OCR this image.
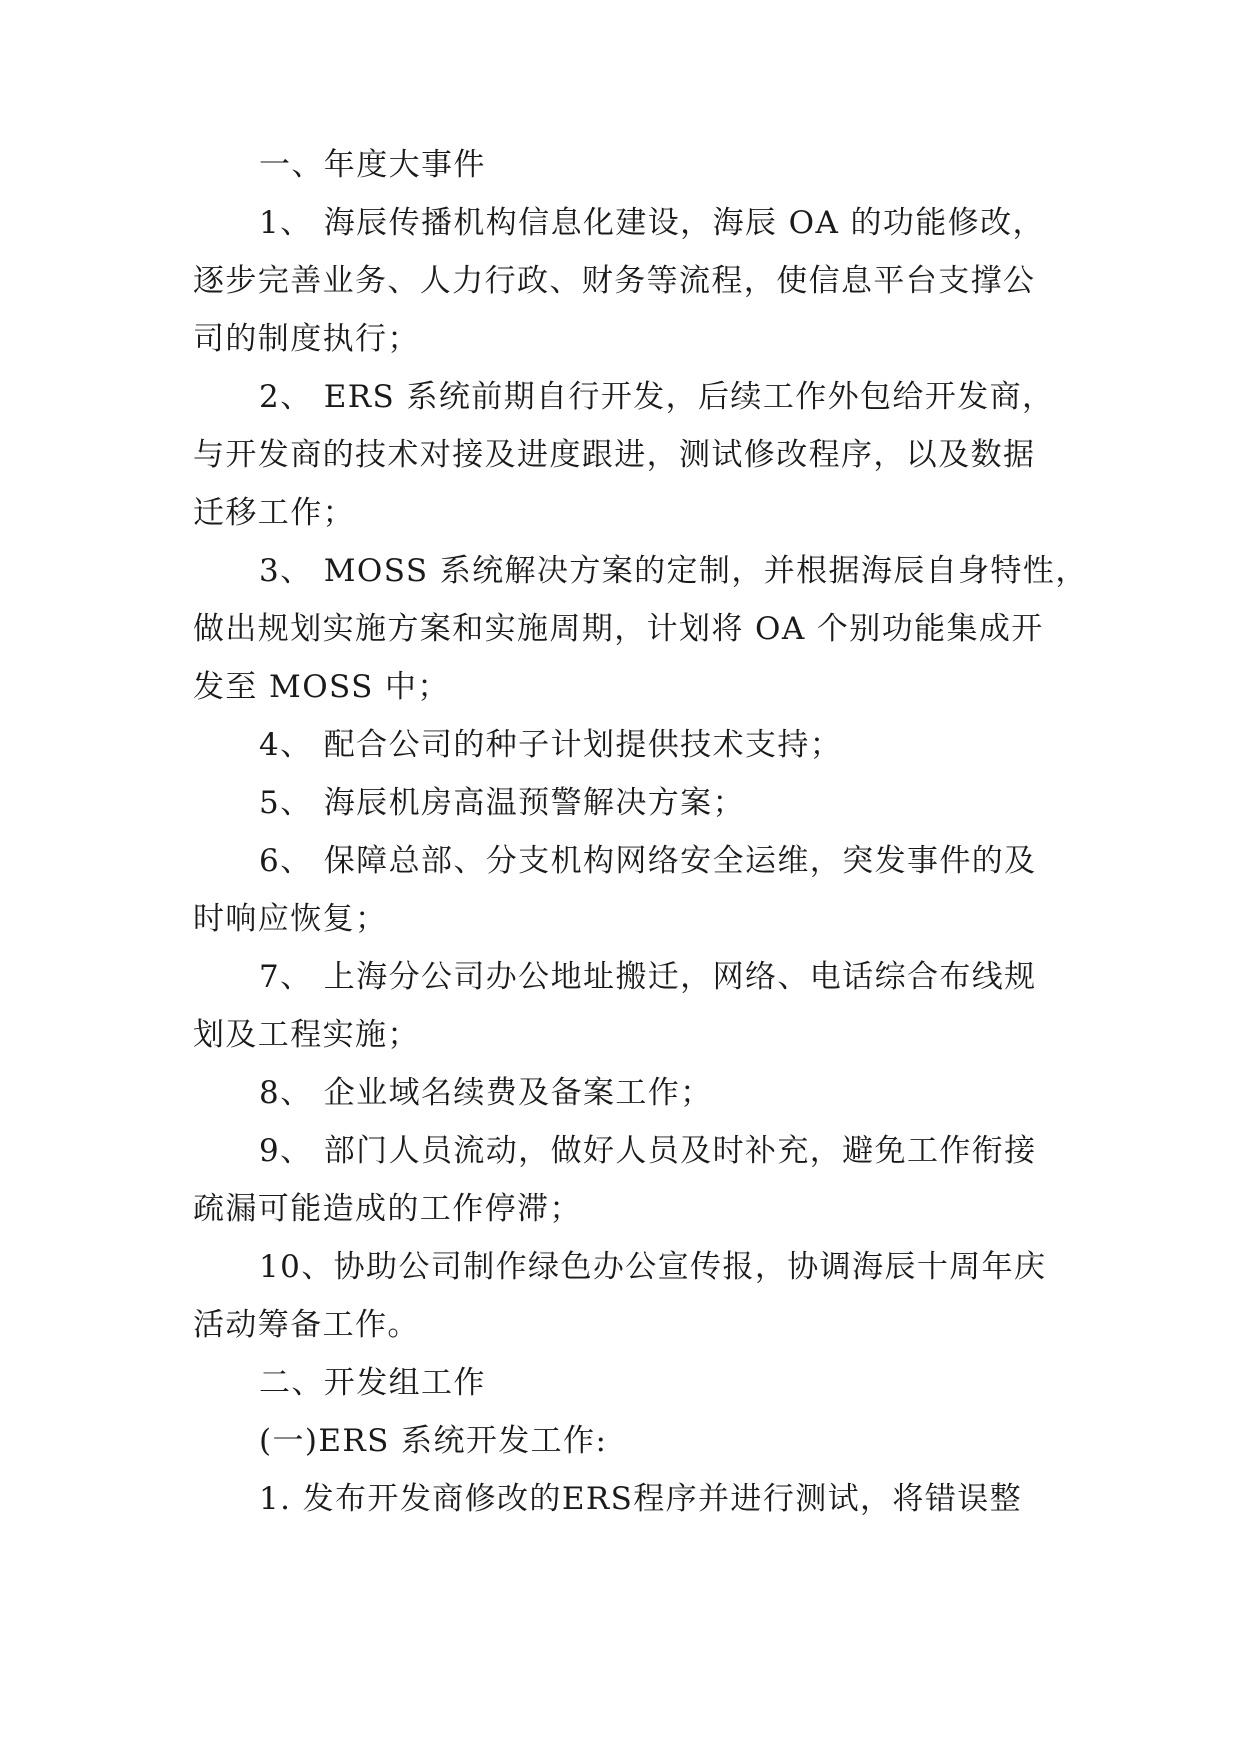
一、年度大事件
1、 海辰传播机构信息化建设，海辰 OA 的功能修改，
逐步完善业务、人力行政、财务等流程，使信息平台支撑公
司的制度执行；
2、 ERS 系统前期自行开发，后续工作外包给开发商，
与开发商的技术对接及进度跟进，测试修改程序，以及数据
迁移工作；
3、 MOSS 系统解决方案的定制，并根据海辰自身特性，
做出规划实施方案和实施周期，计划将 OA 个别功能集成开
发至 MOSS 中；
4、 配合公司的种子计划提供技术支持；
5、 海辰机房高温预警解决方案；
6、 保障总部、分支机构网络安全运维，突发事件的及
时响应恢复；
7、 上海分公司办公地址搬迁，网络、电话综合布线规
划及工程实施；
8、 企业域名续费及备案工作；
9、 部门人员流动，做好人员及时补充，避免工作衔接
疏漏可能造成的工作停滞；
10、协助公司制作绿色办公宣传报，协调海辰十周年庆
活动筹备工作。
二、开发组工作
(一)ERS 系统开发工作:
1. 发布开发商修改的ERS程序并进行测试，将错误整
